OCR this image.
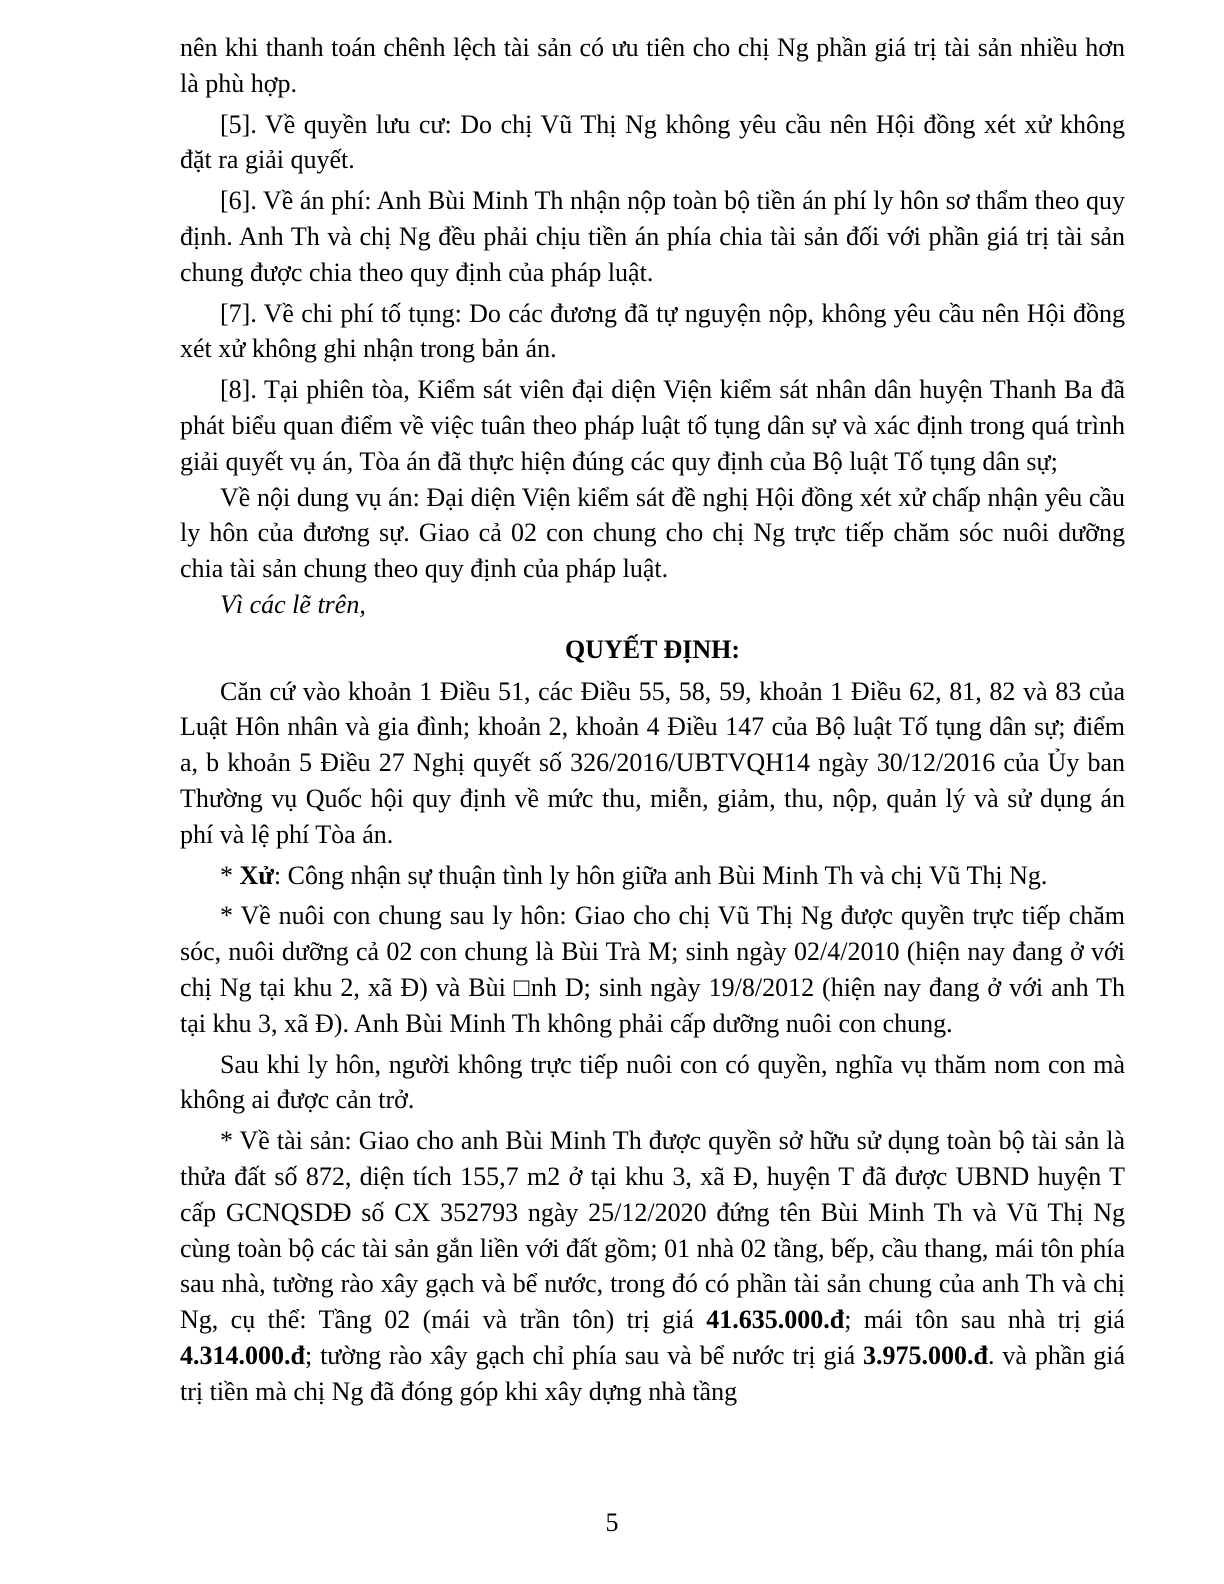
nên khi thanh toán chênh lệch tài sản có ưu tiên cho chị Ng phần giá trị tài sản nhiều hơn là phù hợp.

[5]. Về quyền lưu cư: Do chị Vũ Thị Ng không yêu cầu nên Hội đồng xét xử không đặt ra giải quyết.

[6]. Về án phí: Anh Bùi Minh Th nhận nộp toàn bộ tiền án phí ly hôn sơ thẩm theo quy định. Anh Th và chị Ng đều phải chịu tiền án phía chia tài sản đối với phần giá trị tài sản chung được chia theo quy định của pháp luật.

[7]. Về chi phí tố tụng: Do các đương đã tự nguyện nộp, không yêu cầu nên Hội đồng xét xử không ghi nhận trong bản án.

[8]. Tại phiên tòa, Kiểm sát viên đại diện Viện kiểm sát nhân dân huyện Thanh Ba đã phát biểu quan điểm về việc tuân theo pháp luật tố tụng dân sự và xác định trong quá trình giải quyết vụ án, Tòa án đã thực hiện đúng các quy định của Bộ luật Tố tụng dân sự;

Về nội dung vụ án: Đại diện Viện kiểm sát đề nghị Hội đồng xét xử chấp nhận yêu cầu ly hôn của đương sự. Giao cả 02 con chung cho chị Ng trực tiếp chăm sóc nuôi dưỡng chia tài sản chung theo quy định của pháp luật.

Vì các lẽ trên,

QUYẾT ĐỊNH:

Căn cứ vào khoản 1 Điều 51, các Điều 55, 58, 59, khoản 1 Điều 62, 81, 82 và 83 của Luật Hôn nhân và gia đình; khoản 2, khoản 4 Điều 147 của Bộ luật Tố tụng dân sự; điểm a, b khoản 5 Điều 27 Nghị quyết số 326/2016/UBTVQH14 ngày 30/12/2016 của Ủy ban Thường vụ Quốc hội quy định về mức thu, miễn, giảm, thu, nộp, quản lý và sử dụng án phí và lệ phí Tòa án.

* Xử: Công nhận sự thuận tình ly hôn giữa anh Bùi Minh Th và chị Vũ Thị Ng.

* Về nuôi con chung sau ly hôn: Giao cho chị Vũ Thị Ng được quyền trực tiếp chăm sóc, nuôi dưỡng cả 02 con chung là Bùi Trà M; sinh ngày 02/4/2010 (hiện nay đang ở với chị Ng tại khu 2, xã Đ) và Bùi □nh D; sinh ngày 19/8/2012 (hiện nay đang ở với anh Th tại khu 3, xã Đ). Anh Bùi Minh Th không phải cấp dưỡng nuôi con chung.

Sau khi ly hôn, người không trực tiếp nuôi con có quyền, nghĩa vụ thăm nom con mà không ai được cản trở.

* Về tài sản: Giao cho anh Bùi Minh Th được quyền sở hữu sử dụng toàn bộ tài sản là thửa đất số 872, diện tích 155,7 m2 ở tại khu 3, xã Đ, huyện T đã được UBND huyện T cấp GCNQSDĐ số CX 352793 ngày 25/12/2020 đứng tên Bùi Minh Th và Vũ Thị Ng cùng toàn bộ các tài sản gắn liền với đất gồm; 01 nhà 02 tầng, bếp, cầu thang, mái tôn phía sau nhà, tường rào xây gạch và bể nước, trong đó có phần tài sản chung của anh Th và chị Ng, cụ thể: Tầng 02 (mái và trần tôn) trị giá 41.635.000.đ; mái tôn sau nhà trị giá 4.314.000.đ; tường rào xây gạch chỉ phía sau và bể nước trị giá 3.975.000.đ. và phần giá trị tiền mà chị Ng đã đóng góp khi xây dựng nhà tầng

5
